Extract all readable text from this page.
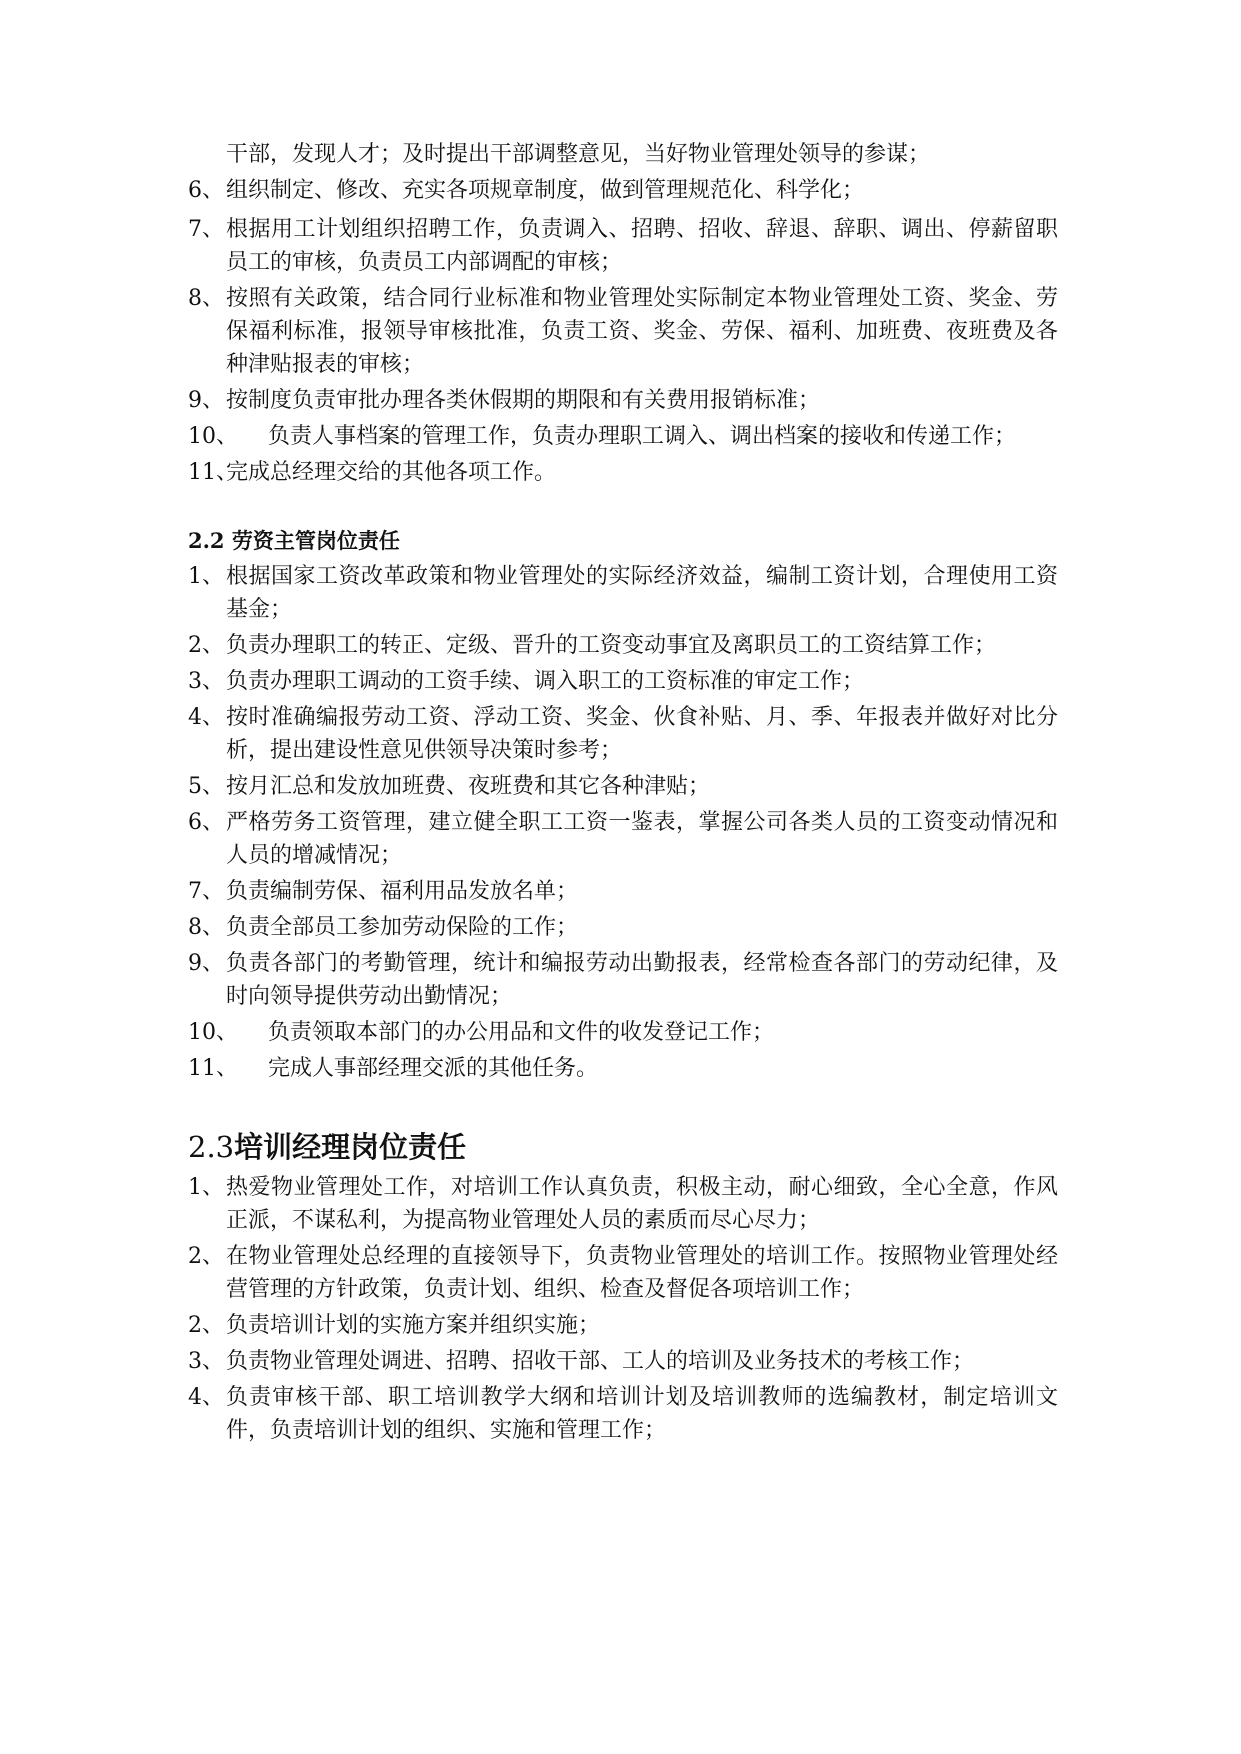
干部，发现人才；及时提出干部调整意见，当好物业管理处领导的参谋；
6、 组织制定、修改、充实各项规章制度，做到管理规范化、科学化；
7、 根据用工计划组织招聘工作，负责调入、招聘、招收、辞退、辞职、调出、停薪留职员工的审核，负责员工内部调配的审核；
8、 按照有关政策，结合同行业标准和物业管理处实际制定本物业管理处工资、奖金、劳保福利标准，报领导审核批准，负责工资、奖金、劳保、福利、加班费、夜班费及各种津贴报表的审核；
9、 按制度负责审批办理各类休假期的期限和有关费用报销标准；
10、 负责人事档案的管理工作，负责办理职工调入、调出档案的接收和传递工作；
11、
完成总经理交给的其他各项工作。
2.2 劳资主管岗位责任
1、 根据国家工资改革政策和物业管理处的实际经济效益，编制工资计划，合理使用工资基金；
2、 负责办理职工的转正、定级、晋升的工资变动事宜及离职员工的工资结算工作；
3、 负责办理职工调动的工资手续、调入职工的工资标准的审定工作；
4、 按时准确编报劳动工资、浮动工资、奖金、伙食补贴、月、季、年报表并做好对比分析，提出建设性意见供领导决策时参考；
5、 按月汇总和发放加班费、夜班费和其它各种津贴；
6、 严格劳务工资管理，建立健全职工工资一鉴表，掌握公司各类人员的工资变动情况和人员的增减情况；
7、 负责编制劳保、福利用品发放名单；
8、 负责全部员工参加劳动保险的工作；
9、 负责各部门的考勤管理，统计和编报劳动出勤报表，经常检查各部门的劳动纪律，及时向领导提供劳动出勤情况；
10、 负责领取本部门的办公用品和文件的收发登记工作；
11、 完成人事部经理交派的其他任务。
2.3培训经理岗位责任
1、 热爱物业管理处工作，对培训工作认真负责，积极主动，耐心细致，全心全意，作风正派，不谋私利，为提高物业管理处人员的素质而尽心尽力；
2、 在物业管理处总经理的直接领导下，负责物业管理处的培训工作。按照物业管理处经营管理的方针政策，负责计划、组织、检查及督促各项培训工作；
2、 负责培训计划的实施方案并组织实施；
3、 负责物业管理处调进、招聘、招收干部、工人的培训及业务技术的考核工作；
4、 负责审核干部、职工培训教学大纲和培训计划及培训教师的选编教材，制定培训文件，负责培训计划的组织、实施和管理工作；
